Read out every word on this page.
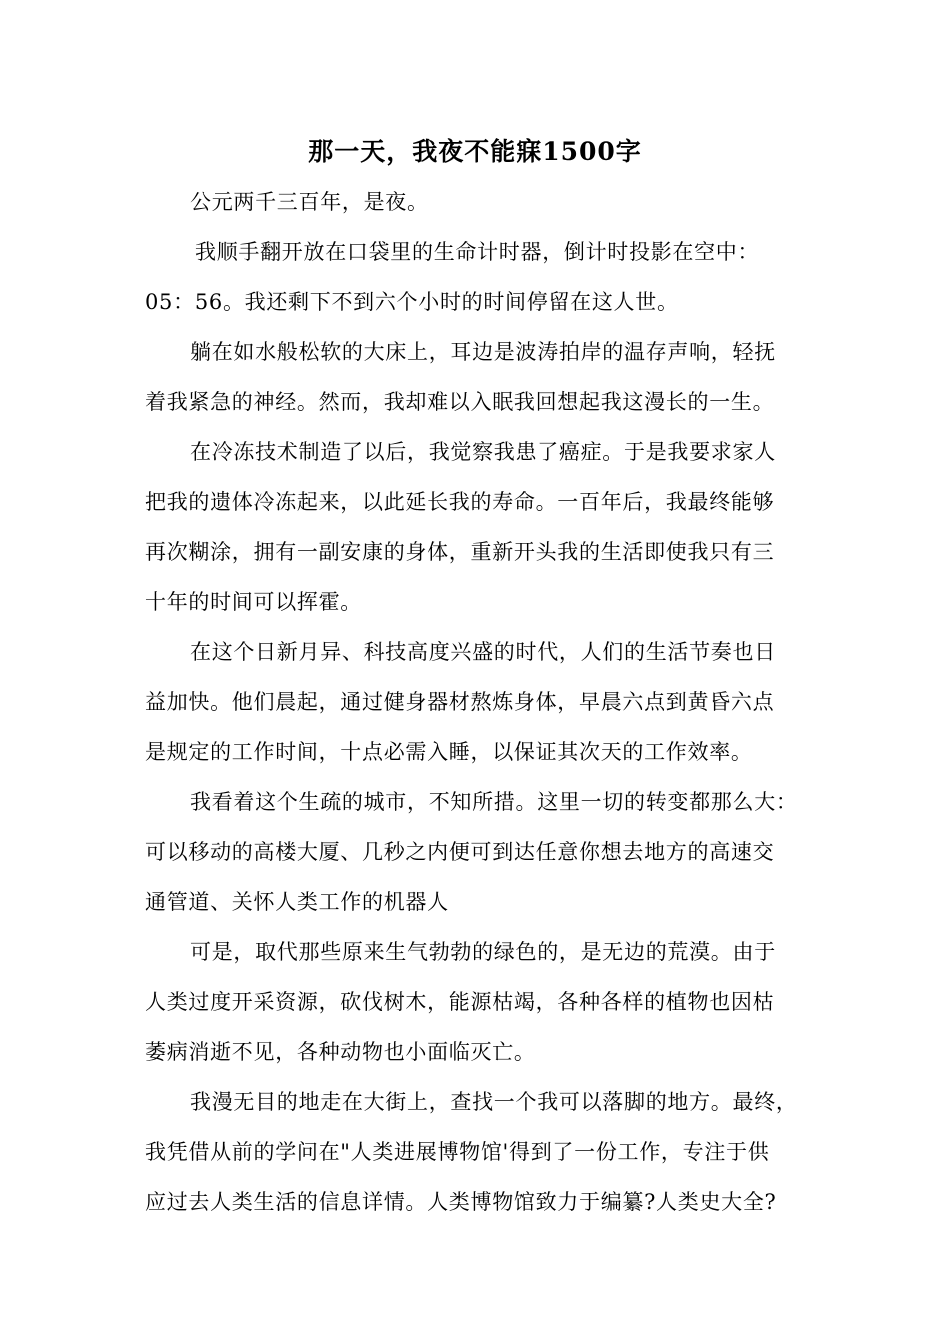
那一天，我夜不能寐1500字
公元两千三百年，是夜。
我顺手翻开放在口袋里的生命计时器，倒计时投影在空中：
05：56。我还剩下不到六个小时的时间停留在这人世。
躺在如水般松软的大床上，耳边是波涛拍岸的温存声响，轻抚
着我紧急的神经。然而，我却难以入眠我回想起我这漫长的一生。
在冷冻技术制造了以后，我觉察我患了癌症。于是我要求家人
把我的遗体冷冻起来，以此延长我的寿命。一百年后，我最终能够
再次糊涂，拥有一副安康的身体，重新开头我的生活即使我只有三
十年的时间可以挥霍。
在这个日新月异、科技高度兴盛的时代，人们的生活节奏也日
益加快。他们晨起，通过健身器材熬炼身体，早晨六点到黄昏六点
是规定的工作时间，十点必需入睡，以保证其次天的工作效率。
我看着这个生疏的城市，不知所措。这里一切的转变都那么大：
可以移动的高楼大厦、几秒之内便可到达任意你想去地方的高速交
通管道、关怀人类工作的机器人
可是，取代那些原来生气勃勃的绿色的，是无边的荒漠。由于
人类过度开采资源，砍伐树木，能源枯竭，各种各样的植物也因枯
萎病消逝不见，各种动物也小面临灭亡。
我漫无目的地走在大街上，查找一个我可以落脚的地方。最终，
我凭借从前的学问在"人类进展博物馆'得到了一份工作，专注于供
应过去人类生活的信息详情。人类博物馆致力于编纂?人类史大全?
